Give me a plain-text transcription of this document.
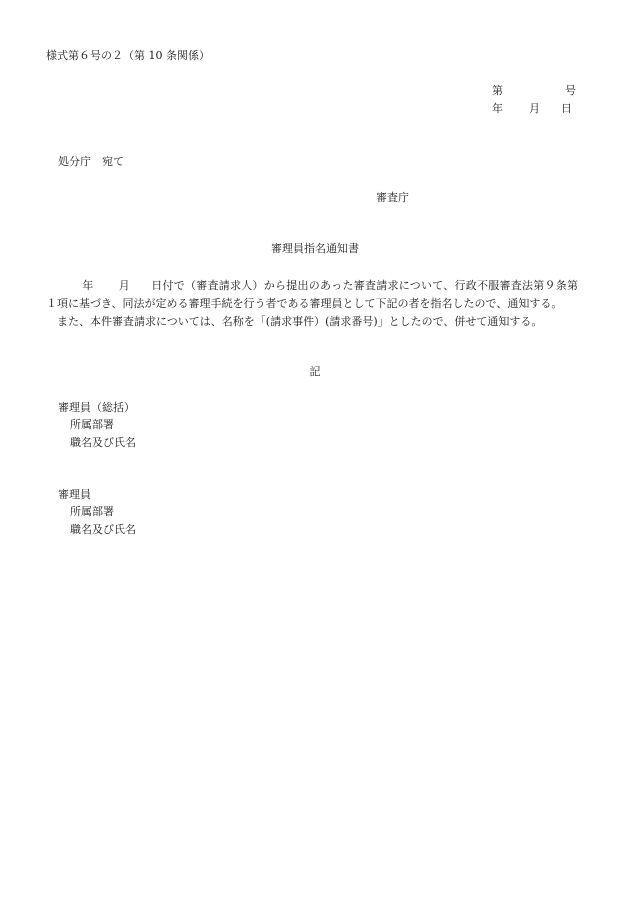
様式第６号の２（第 10 条関係）
第	号
年 月 日
処分庁 宛て
審査庁
審理員指名通知書

年 月 日付で（審査請求人）から提出のあった審査請求について、行政不服審査法第９条第１項に基づき、同法が定める審理手続を行う者である審理員として下記の者を指名したので、通知する。

また、本件審査請求については、名称を「(請求事件）(請求番号)」としたので、併せて通知する。

記
審理員（総括）
所属部署
職名及び氏名
審理員
所属部署
職名及び氏名
